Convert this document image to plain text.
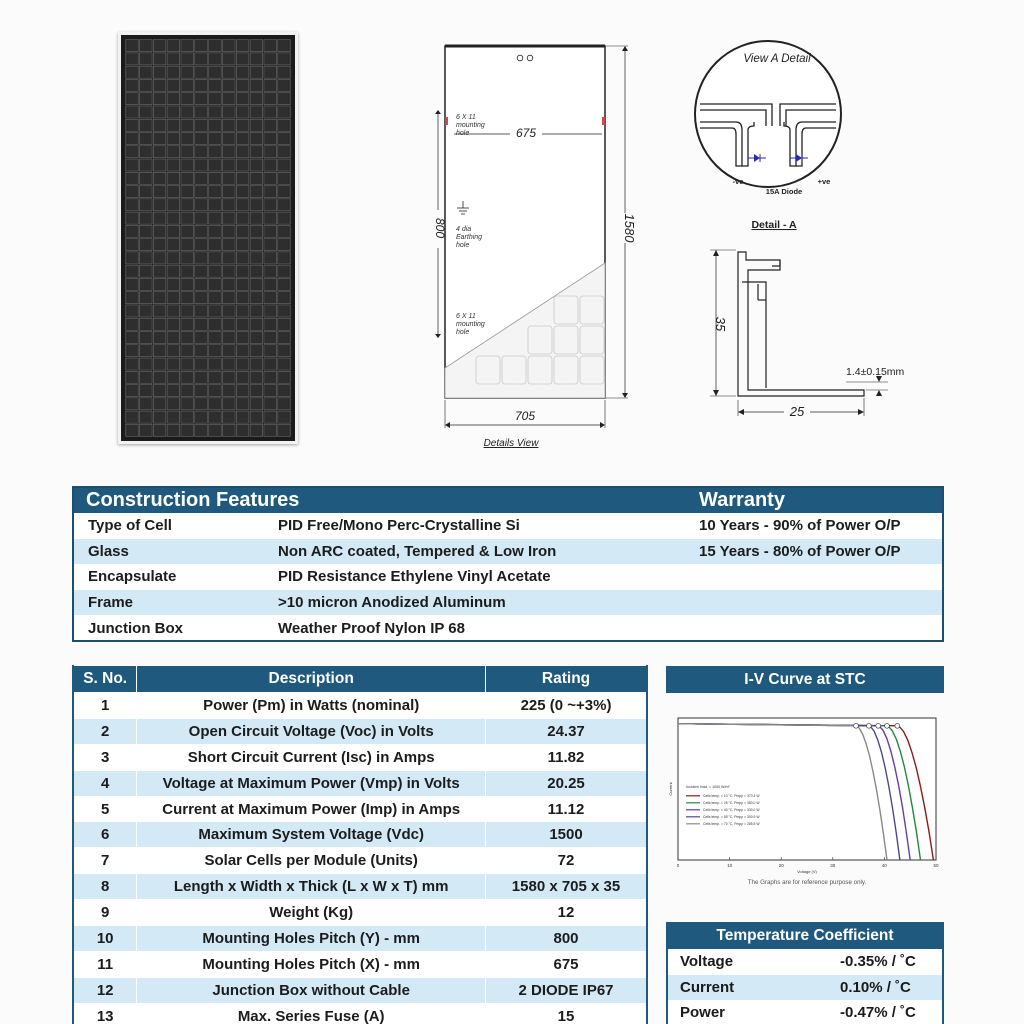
675
800
6 X 11
mounting
hole
4 dia
Earthing
hole
6 X 11
mounting
hole
1580
705
Details View
View A Detail
-ve	+ve
15A Diode
Detail - A
35
25
1.4±0.15mm
Construction Features	Warranty
Type of Cell	PID Free/Mono Perc-Crystalline Si	10 Years - 90% of Power O/P
Glass	Non ARC coated, Tempered & Low Iron	15 Years - 80% of Power O/P
Encapsulate	PID Resistance Ethylene Vinyl Acetate
Frame	>10 micron Anodized Aluminum
Junction Box	Weather Proof Nylon IP 68
S. No.	Description	Rating
1	Power (Pm) in Watts (nominal)	225 (0 ~+3%)
2	Open Circuit Voltage (Voc) in Volts	24.37
3	Short Circuit Current (Isc) in Amps	11.82
4	Voltage at Maximum Power (Vmp) in Volts	20.25
5	Current at Maximum Power (Imp) in Amps	11.12
6	Maximum System Voltage (Vdc)	1500
7	Solar Cells per Module (Units)	72
8	Length x Width x Thick (L x W x T) mm	1580 x 705 x 35
9	Weight (Kg)	12
10	Mounting Holes Pitch (Y) - mm	800
11	Mounting Holes Pitch (X) - mm	675
12	Junction Box without Cable	2 DIODE IP67
13	Max. Series Fuse (A)	15
I-V Curve at STC
0	10	20	30	40	50
Voltage (V)
Current	Incident Irrad. = 1000 W/m²
Cells temp. = 10 °C, Pmpp = 370.4 W
Cells temp. = 25 °C, Pmpp = 350.0 W
Cells temp. = 40 °C, Pmpp = 330.0 W
Cells temp. = 55 °C, Pmpp = 300.9 W
Cells temp. = 70 °C, Pmpp = 285.5 W
The Graphs are for reference purpose only.
Temperature Coefficient
Voltage	-0.35% / ˚C
Current	0.10% / ˚C
Power	-0.47% / ˚C
